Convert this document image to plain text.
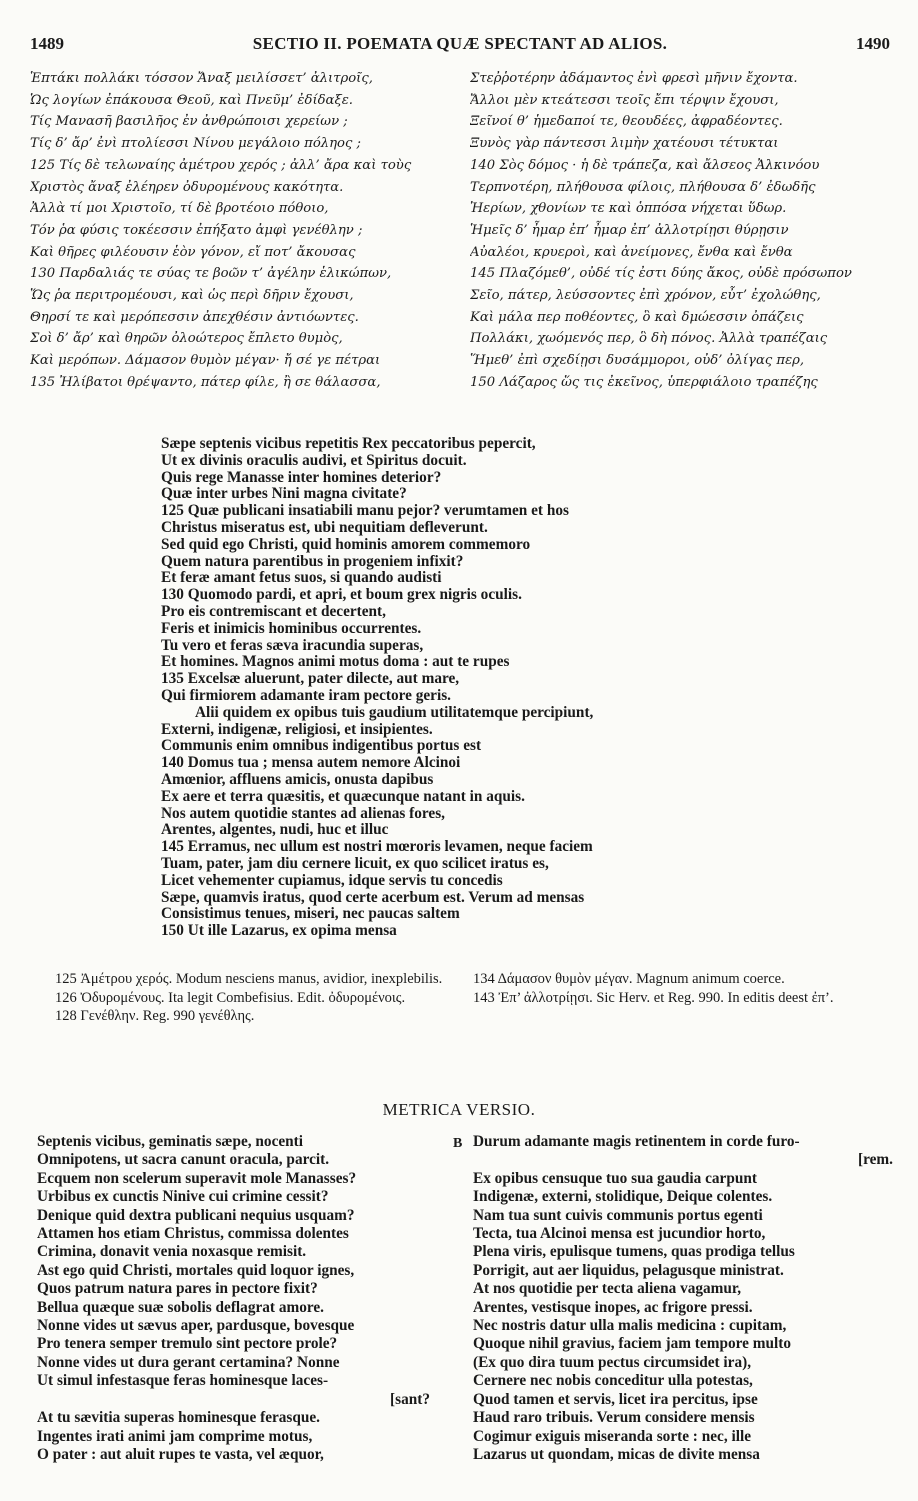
1489	SECTIO II. POEMATA QUÆ SPECTANT AD ALIOS.	1490
Ἑπτάκι πολλάκι τόσσον Ἄναξ μειλίσσετ’ ἀλιτροῖς,
Ὡς λογίων ἐπάκουσα Θεοῦ, καὶ Πνεῦμ’ ἐδίδαξε.
Τίς Μανασῆ βασιλῆος ἐν ἀνθρώποισι χερείων ;
Τίς δ’ ἄρ’ ἐνὶ πτολίεσσι Νίνου μεγάλοιο πόληος ;
125 Τίς δὲ τελωναίης ἀμέτρου χερός ; ἀλλ’ ἄρα καὶ τοὺς
Χριστὸς ἄναξ ἐλέηρεν ὀδυρομένους κακότητα.
Ἀλλὰ τί μοι Χριστοῖο, τί δὲ βροτέοιο πόθοιο,
Τόν ῥα φύσις τοκέεσσιν ἐπήξατο ἀμφὶ γενέθλην ;
Καὶ θῆρες φιλέουσιν ἑὸν γόνον, εἴ ποτ’ ἄκουσας
130 Παρδαλιάς τε σύας τε βοῶν τ’ ἀγέλην ἑλικώπων,
Ὥς ῥα περιτρομέουσι, καὶ ὡς περὶ δῆριν ἔχουσι,
Θηρσί τε καὶ μερόπεσσιν ἀπεχθέσιν ἀντιόωντες.
Σοὶ δ’ ἄρ’ καὶ θηρῶν ὀλοώτερος ἔπλετο θυμὸς,
Καὶ μερόπων. Δάμασον θυμὸν μέγαν· ἤ σέ γε πέτραι
135 Ἠλίβατοι θρέψαντο, πάτερ φίλε, ἢ σε θάλασσα,
Στεῤῥοτέρην ἀδάμαντος ἐνὶ φρεσὶ μῆνιν ἔχοντα.
Ἄλλοι μὲν κτεάτεσσι τεοῖς ἔπι τέρψιν ἔχουσι,
Ξεῖνοί θ’ ἡμεδαποί τε, θεουδέες, ἀφραδέοντες.
Ξυνὸς γὰρ πάντεσσι λιμὴν χατέουσι τέτυκται
140 Σὸς δόμος · ἡ δὲ τράπεζα, καὶ ἄλσεος Ἀλκινόου
Τερπνοτέρη, πλήθουσα φίλοις, πλήθουσα δ’ ἐδωδῆς
Ἠερίων, χθονίων τε καὶ ὁππόσα νήχεται ὕδωρ.
Ἡμεῖς δ’ ἦμαρ ἐπ’ ἦμαρ ἐπ’ ἀλλοτρίῃσι θύρῃσιν
Αὐαλέοι, κρυεροὶ, καὶ ἀνείμονες, ἔνθα καὶ ἔνθα
145 Πλαζόμεθ’, οὐδέ τίς ἐστι δύης ἄκος, οὐδὲ πρόσωπον
Σεῖο, πάτερ, λεύσσοντες ἐπὶ χρόνον, εὖτ’ ἐχολώθης,
Καὶ μάλα περ ποθέοντες, ὃ καὶ δμώεσσιν ὀπάζεις
Πολλάκι, χωόμενός περ, ὃ δὴ πόνος. Ἀλλὰ τραπέζαις
Ἥμεθ’ ἐπὶ σχεδίῃσι δυσάμμοροι, οὐδ’ ὀλίγας περ,
150 Λάζαρος ὥς τις ἐκεῖνος, ὑπερφιάλοιο τραπέζης
Sæpe septenis vicibus repetitis Rex peccatoribus pepercit,
Ut ex divinis oraculis audivi, et Spiritus docuit.
Quis rege Manasse inter homines deterior?
Quæ inter urbes Nini magna civitate?
125 Quæ publicani insatiabili manu pejor? verumtamen et hos
Christus miseratus est, ubi nequitiam defleverunt.
Sed quid ego Christi, quid hominis amorem commemoro
Quem natura parentibus in progeniem infixit?
Et feræ amant fetus suos, si quando audisti
130 Quomodo pardi, et apri, et boum grex nigris oculis.
Pro eis contremiscant et decertent,
Feris et inimicis hominibus occurrentes.
Tu vero et feras sæva iracundia superas,
Et homines. Magnos animi motus doma : aut te rupes
135 Excelsæ aluerunt, pater dilecte, aut mare,
Qui firmiorem adamante iram pectore geris.
Alii quidem ex opibus tuis gaudium utilitatemque percipiunt,
Externi, indigenæ, religiosi, et insipientes.
Communis enim omnibus indigentibus portus est
140 Domus tua ; mensa autem nemore Alcinoi
Amœnior, affluens amicis, onusta dapibus
Ex aere et terra quæsitis, et quæcunque natant in aquis.
Nos autem quotidie stantes ad alienas fores,
Arentes, algentes, nudi, huc et illuc
145 Erramus, nec ullum est nostri mœroris levamen, neque faciem
Tuam, pater, jam diu cernere licuit, ex quo scilicet iratus es,
Licet vehementer cupiamus, idque servis tu concedis
Sæpe, quamvis iratus, quod certe acerbum est. Verum ad mensas
Consistimus tenues, miseri, nec paucas saltem
150 Ut ille Lazarus, ex opima mensa

125 Ἀμέτρου χερός. Modum nesciens manus, avidior, inexplebilis.

126 Ὀδυρομένους. Ita legit Combefisius. Edit. ὀδυρομένοις.

128 Γενέθλην. Reg. 990 γενέθλης.

134 Δάμασον θυμὸν μέγαν. Magnum animum coerce.

143 Ἐπ’ ἀλλοτρίῃσι. Sic Herv. et Reg. 990. In editis deest ἐπ’.

METRICA VERSIO.
B
Septenis vicibus, geminatis sæpe, nocenti
Omnipotens, ut sacra canunt oracula, parcit.
Ecquem non scelerum superavit mole Manasses?
Urbibus ex cunctis Ninive cui crimine cessit?
Denique quid dextra publicani nequius usquam?
Attamen hos etiam Christus, commissa dolentes
Crimina, donavit venia noxasque remisit.
Ast ego quid Christi, mortales quid loquor ignes,
Quos patrum natura pares in pectore fixit?
Bellua quæque suæ sobolis deflagrat amore.
Nonne vides ut sævus aper, pardusque, bovesque
Pro tenera semper tremulo sint pectore prole?
Nonne vides ut dura gerant certamina? Nonne
Ut simul infestasque feras hominesque laces-
[sant?
At tu sævitia superas hominesque ferasque.
Ingentes irati animi jam comprime motus,
O pater : aut aluit rupes te vasta, vel æquor,
Durum adamante magis retinentem in corde furo-
[rem.
Ex opibus censuque tuo sua gaudia carpunt
Indigenæ, externi, stolidique, Deique colentes.
Nam tua sunt cuivis communis portus egenti
Tecta, tua Alcinoi mensa est jucundior horto,
Plena viris, epulisque tumens, quas prodiga tellus
Porrigit, aut aer liquidus, pelagusque ministrat.
At nos quotidie per tecta aliena vagamur,
Arentes, vestisque inopes, ac frigore pressi.
Nec nostris datur ulla malis medicina : cupitam,
Quoque nihil gravius, faciem jam tempore multo
(Ex quo dira tuum pectus circumsidet ira),
Cernere nec nobis conceditur ulla potestas,
Quod tamen et servis, licet ira percitus, ipse
Haud raro tribuis. Verum considere mensis
Cogimur exiguis miseranda sorte : nec, ille
Lazarus ut quondam, micas de divite mensa
